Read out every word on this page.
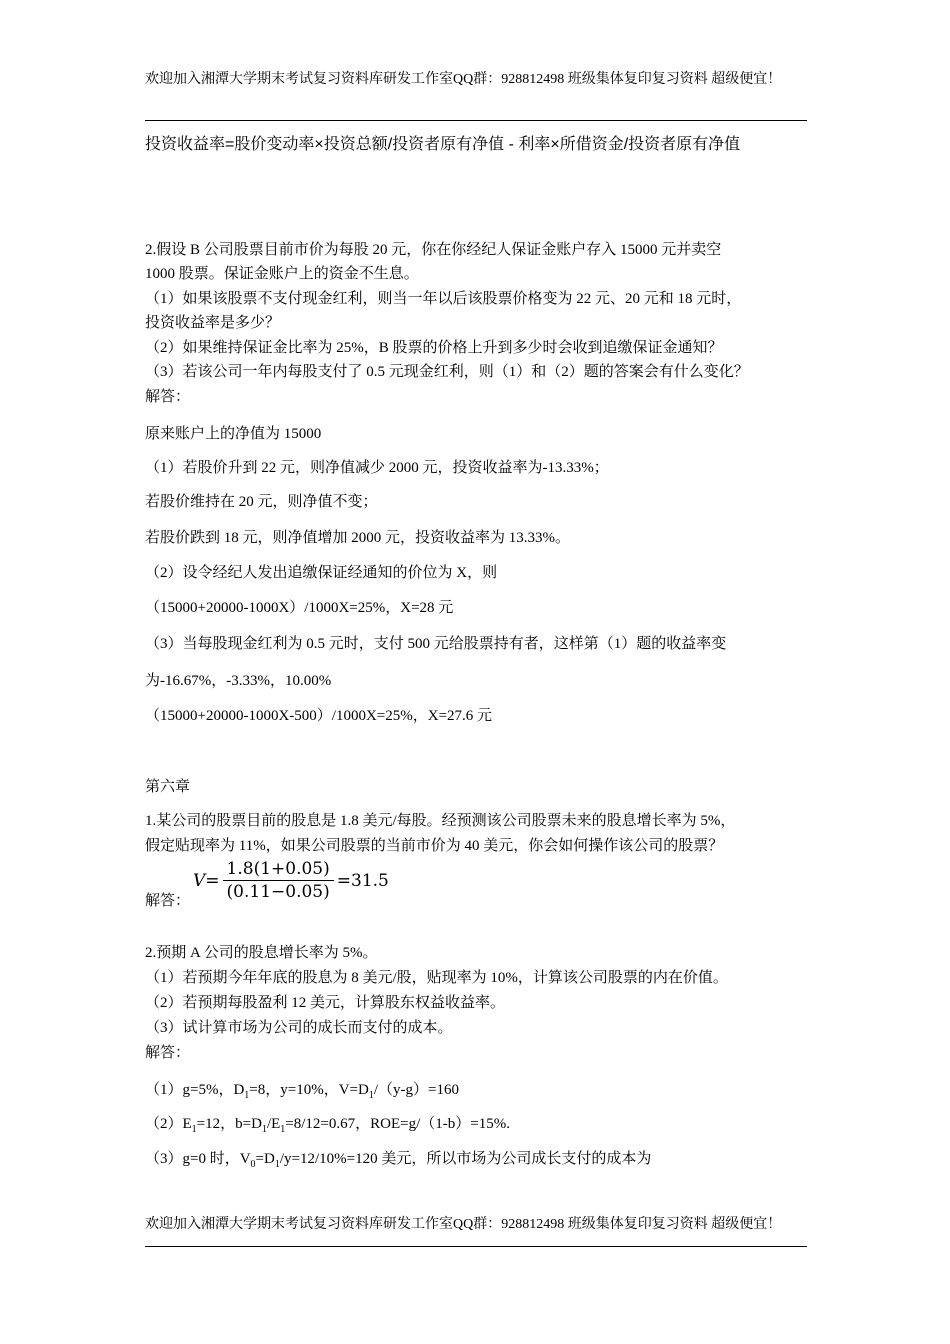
欢迎加入湘潭大学期末考试复习资料库研发工作室QQ群：928812498 班级集体复印复习资料 超级便宜！
投资收益率=股价变动率×投资总额/投资者原有净值 - 利率×所借资金/投资者原有净值
2.假设 B 公司股票目前市价为每股 20 元，你在你经纪人保证金账户存入 15000 元并卖空
1000 股票。保证金账户上的资金不生息。
（1）如果该股票不支付现金红利，则当一年以后该股票价格变为 22 元、20 元和 18 元时，
投资收益率是多少？
（2）如果维持保证金比率为 25%，B 股票的价格上升到多少时会收到追缴保证金通知？
（3）若该公司一年内每股支付了 0.5 元现金红利，则（1）和（2）题的答案会有什么变化？
解答：
原来账户上的净值为 15000
（1）若股价升到 22 元，则净值减少 2000 元，投资收益率为-13.33%；
若股价维持在 20 元，则净值不变；
若股价跌到 18 元，则净值增加 2000 元，投资收益率为 13.33%。
（2）设令经纪人发出追缴保证经通知的价位为 X，则
（15000+20000-1000X）/1000X=25%，X=28 元
（3）当每股现金红利为 0.5 元时，支付 500 元给股票持有者，这样第（1）题的收益率变
为-16.67%，-3.33%，10.00%
（15000+20000-1000X-500）/1000X=25%，X=27.6 元
第六章
1.某公司的股票目前的股息是 1.8 美元/每股。经预测该公司股票未来的股息增长率为 5%，
假定贴现率为 11%，如果公司股票的当前市价为 40 美元，你会如何操作该公司的股票？
$V = \frac{1.8(1+0.05)}{(0.11-0.05)} = 31.5$
解答：
2.预期 A 公司的股息增长率为 5%。
（1）若预期今年年底的股息为 8 美元/股，贴现率为 10%，计算该公司股票的内在价值。
（2）若预期每股盈利 12 美元，计算股东权益收益率。
（3）试计算市场为公司的成长而支付的成本。
解答：
（1）g=5%，$D_1=8$，y=10%，$V=D_1/(y-g)=160$
$(2)E_1=12$，$b=D_1/E_1=8/12=0.67$，ROE=g/（1-b）=15%.
（3）g=0 时，$V_0=D_1/y=12/10\%=120$ 美元，所以市场为公司成长支付的成本为
欢迎加入湘潭大学期末考试复习资料库研发工作室QQ群：928812498 班级集体复印复习资料 超级便宜！
